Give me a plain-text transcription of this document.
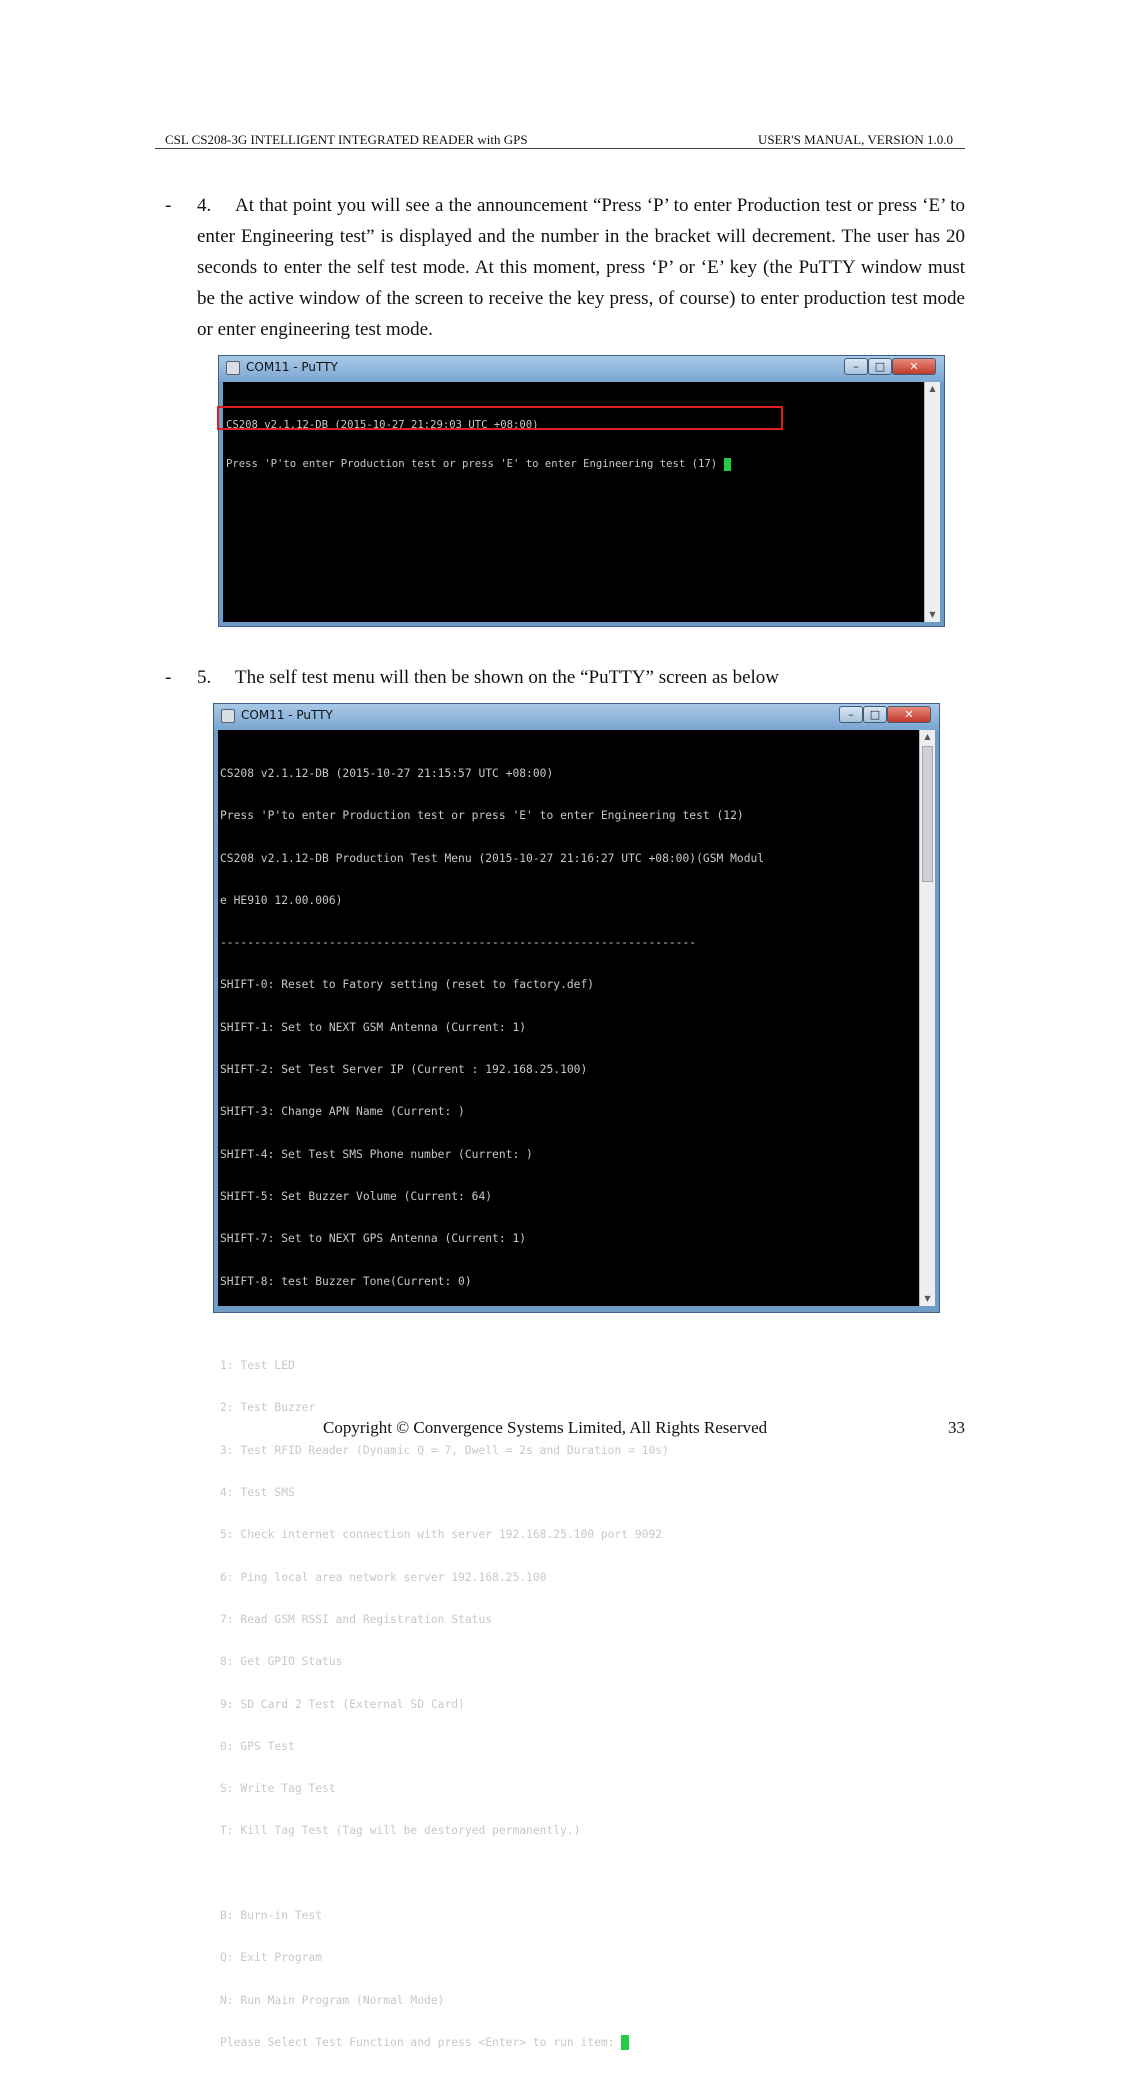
CSL CS208-3G INTELLIGENT INTEGRATED READER with GPS	USER'S MANUAL, VERSION 1.0.0
- 4.	At that point you will see a the announcement “Press ‘P’ to enter Production test or press ‘E’ to enter Engineering test” is displayed and the number in the bracket will decrement. The user has 20 seconds to enter the self test mode. At this moment, press ‘P’ or ‘E’ key (the PuTTY window must be the active window of the screen to receive the key press, of course) to enter production test mode or enter engineering test mode.
COM11 - PuTTY	–	□	✕

CS208 v2.1.12-DB (2015-10-27 21:29:03 UTC +08:00)

Press 'P'to enter Production test or press 'E' to enter Engineering test (17)

▲
▼
- 5.	The self test menu will then be shown on the “PuTTY” screen as below
COM11 - PuTTY	–	□	✕

CS208 v2.1.12-DB (2015-10-27 21:15:57 UTC +08:00)

Press 'P'to enter Production test or press 'E' to enter Engineering test (12)

CS208 v2.1.12-DB Production Test Menu (2015-10-27 21:16:27 UTC +08:00)(GSM Modul

e HE910 12.00.006)

----------------------------------------------------------------------

SHIFT-0: Reset to Fatory setting (reset to factory.def)

SHIFT-1: Set to NEXT GSM Antenna (Current: 1)

SHIFT-2: Set Test Server IP (Current : 192.168.25.100)

SHIFT-3: Change APN Name (Current: )

SHIFT-4: Set Test SMS Phone number (Current: )

SHIFT-5: Set Buzzer Volume (Current: 64)

SHIFT-7: Set to NEXT GPS Antenna (Current: 1)

SHIFT-8: test Buzzer Tone(Current: 0)

1: Test LED

2: Test Buzzer

3: Test RFID Reader (Dynamic Q = 7, Dwell = 2s and Duration = 10s)

4: Test SMS

5: Check internet connection with server 192.168.25.100 port 9092

6: Ping local area network server 192.168.25.100

7: Read GSM RSSI and Registration Status

8: Get GPIO Status

9: SD Card 2 Test (External SD Card)

0: GPS Test

S: Write Tag Test

T: Kill Tag Test (Tag will be destoryed permanently.)

B: Burn-in Test

Q: Exit Program

N: Run Main Program (Normal Mode)

Please Select Test Function and press <Enter> to run item:

▲
▼
Copyright © Convergence Systems Limited, All Rights Reserved	33
